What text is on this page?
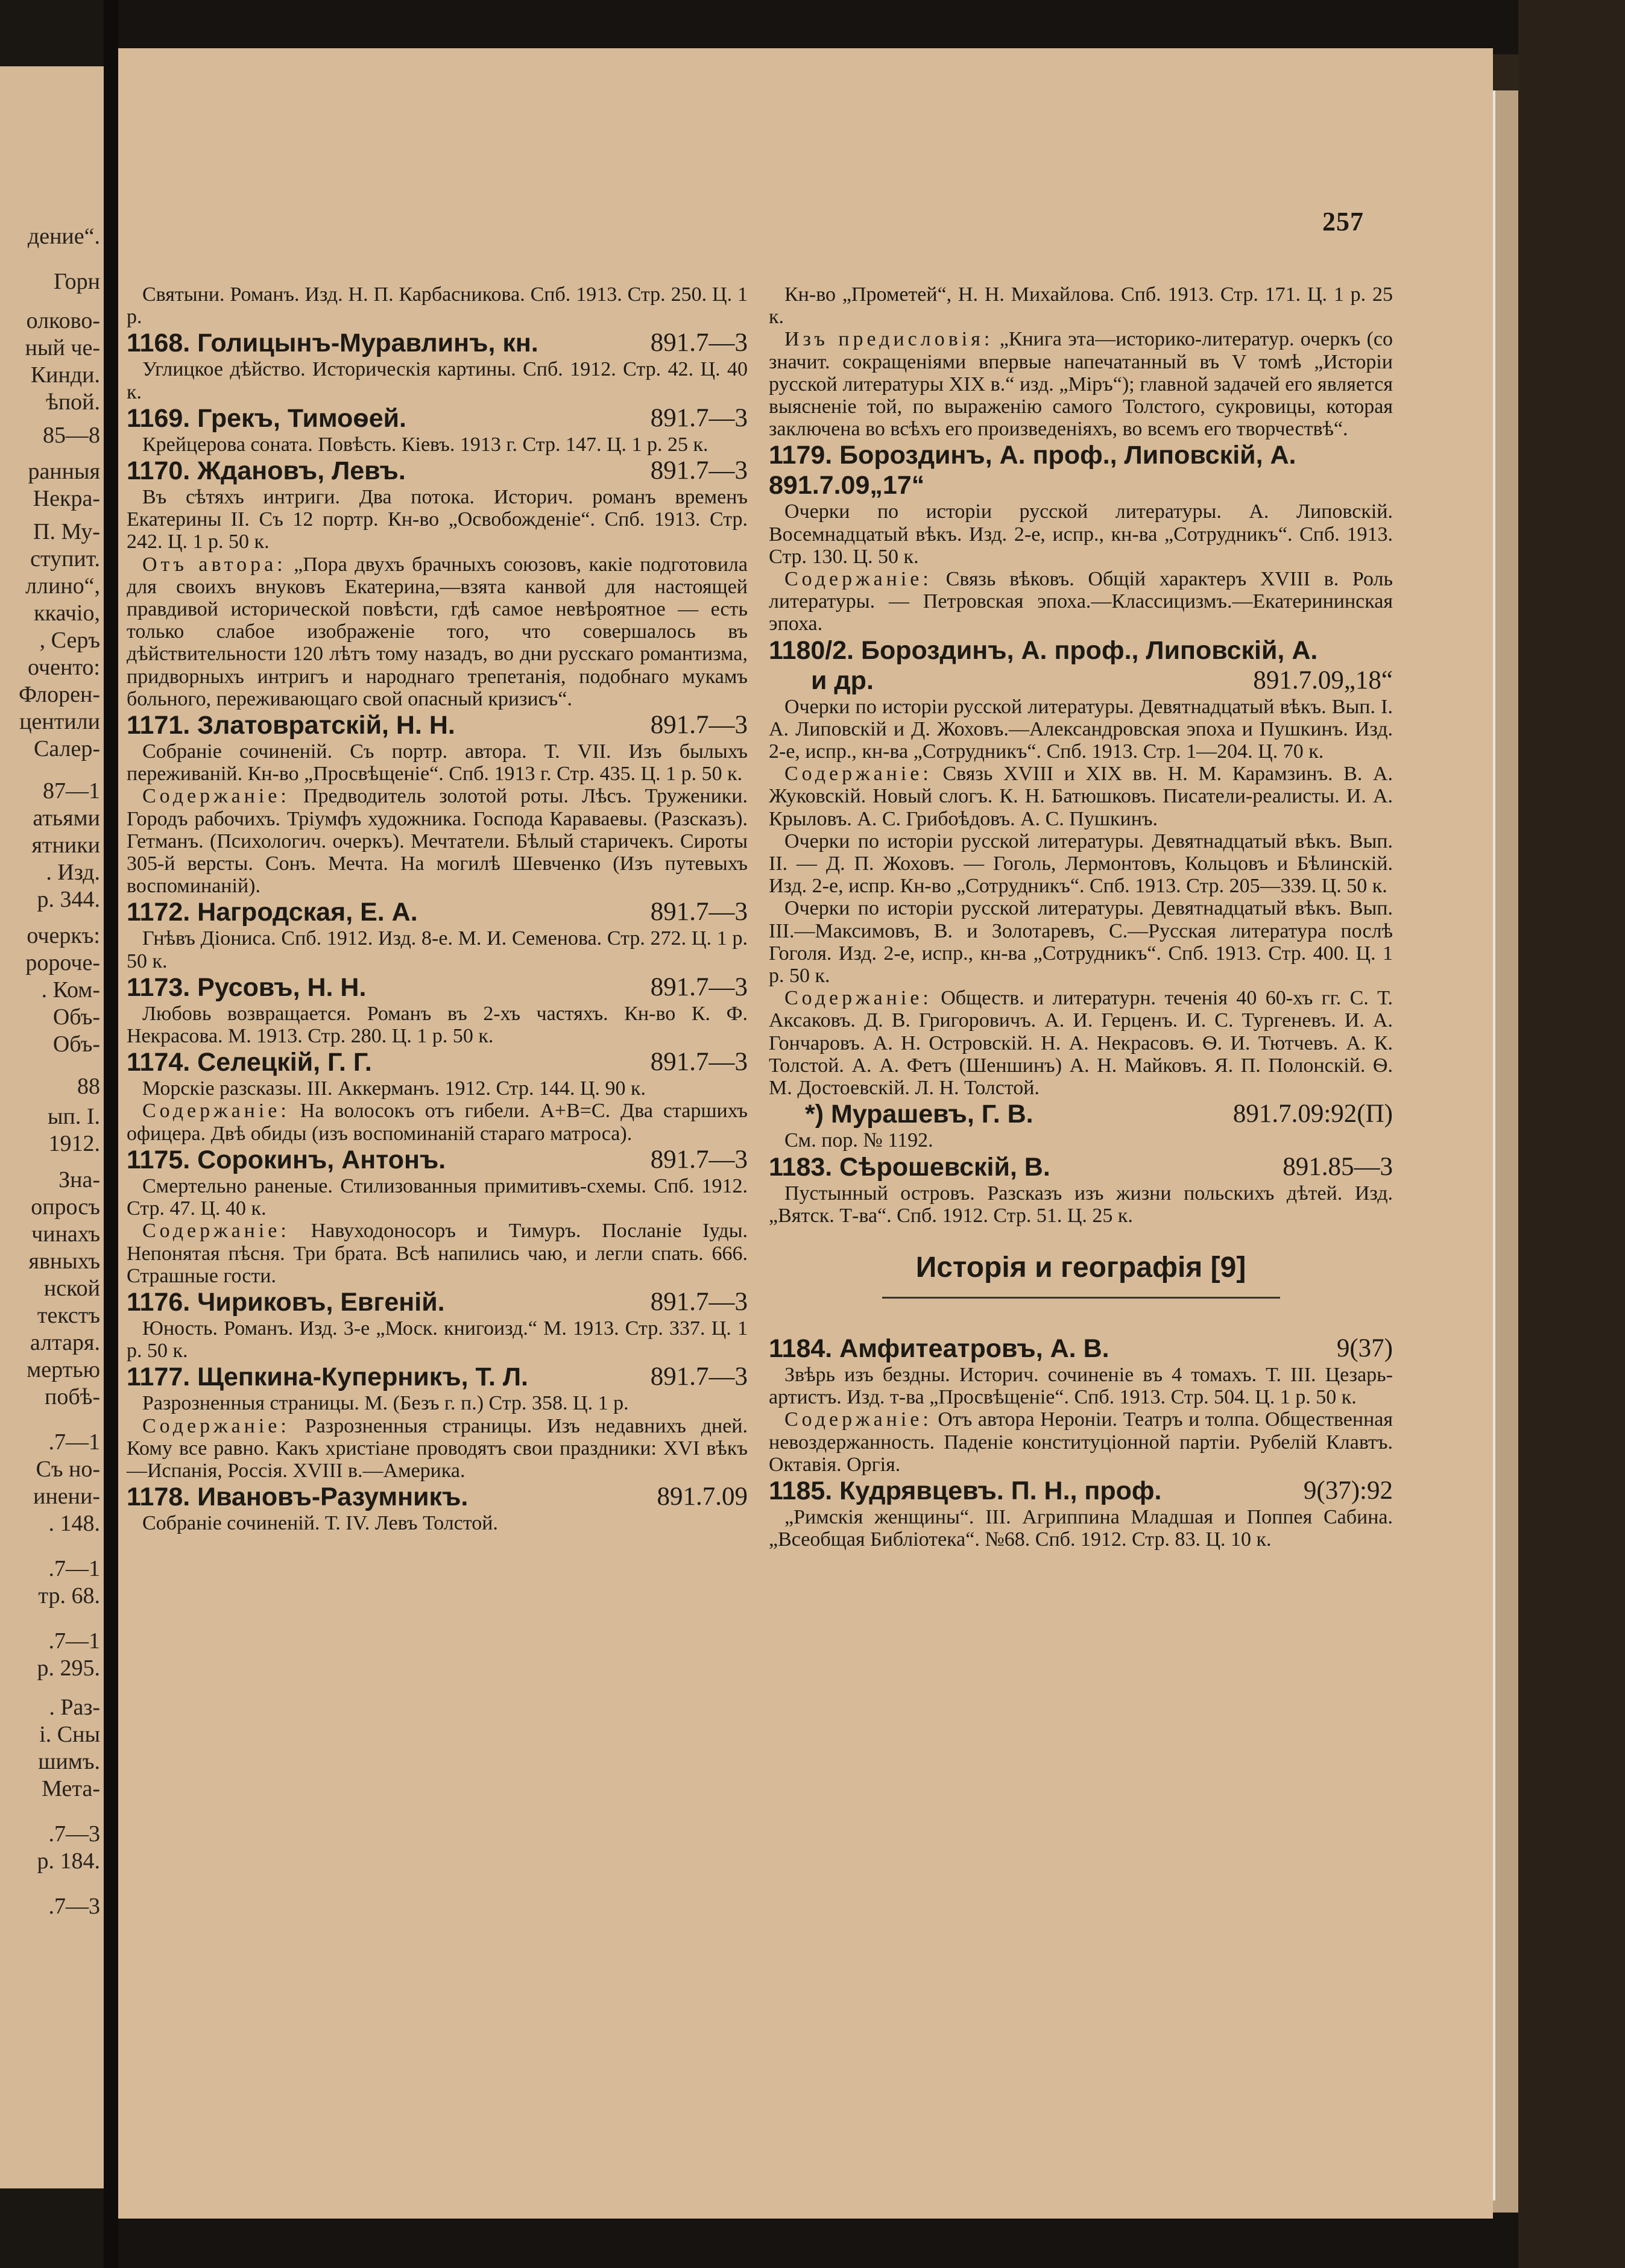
дение“.
Горн
олково-
ный че-
Кинди.
ѣпой.
85—8
ранныя
Некра-
П. Му-
ступит.
ллино“,
ккачіо,
, Серъ
оченто:
Флорен-
центили
Салер-
87—1
атьями
ятники
. Изд.
р. 344.
очеркъ:
ророче-
. Ком-
Объ-
Объ-
88
ып. І.
1912.
Зна-
опросъ
чинахъ
явныхъ
нской
текстъ
алтаря.
мертью
побѣ-
.7—1
Съ но-
инени-
. 148.
.7—1
тр. 68.
.7—1
р. 295.
. Раз-
і. Сны
шимъ.
Мета-
.7—3
р. 184.
.7—3
257
Святыни. Романъ. Изд. Н. П. Карбасникова. Спб. 1913. Стр. 250. Ц. 1 р.
1168. Голицынъ-Муравлинъ, кн.	891.7—3
Углицкое дѣйство. Историческія картины. Спб. 1912. Стр. 42. Ц. 40 к.
1169. Грекъ, Тимоѳей.	891.7—3
Крейцерова соната. Повѣсть. Кіевъ. 1913 г. Стр. 147. Ц. 1 р. 25 к.
1170. Ждановъ, Левъ.	891.7—3
Въ сѣтяхъ интриги. Два потока. Историч. романъ временъ Екатерины II. Съ 12 портр. Кн-во „Освобожденіе“. Спб. 1913. Стр. 242. Ц. 1 р. 50 к.
Отъ автора: „Пора двухъ брачныхъ союзовъ, какіе подготовила для своихъ внуковъ Екатерина,—взята канвой для настоящей правдивой исторической повѣсти, гдѣ самое невѣроятное — есть только слабое изображеніе того, что совершалось въ дѣйствительности 120 лѣтъ тому назадъ, во дни русскаго романтизма, придворныхъ интригъ и народнаго трепетанія, подобнаго мукамъ больного, переживающаго свой опасный кризисъ“.
1171. Златовратскій, Н. Н.	891.7—3
Собраніе сочиненій. Съ портр. автора. Т. VII. Изъ былыхъ переживаній. Кн-во „Просвѣщеніе“. Спб. 1913 г. Стр. 435. Ц. 1 р. 50 к.
Содержаніе: Предводитель золотой роты. Лѣсъ. Труженики. Городъ рабочихъ. Тріумфъ художника. Господа Караваевы. (Разсказъ). Гетманъ. (Психологич. очеркъ). Мечтатели. Бѣлый старичекъ. Сироты 305-й версты. Сонъ. Мечта. На могилѣ Шевченко (Изъ путевыхъ воспоминаній).
1172. Нагродская, Е. А.	891.7—3
Гнѣвъ Діониса. Спб. 1912. Изд. 8-е. М. И. Семенова. Стр. 272. Ц. 1 р. 50 к.
1173. Русовъ, Н. Н.	891.7—3
Любовь возвращается. Романъ въ 2-хъ частяхъ. Кн-во К. Ф. Некрасова. М. 1913. Стр. 280. Ц. 1 р. 50 к.
1174. Селецкій, Г. Г.	891.7—3
Морскіе разсказы. III. Аккерманъ. 1912. Стр. 144. Ц. 90 к.
Содержаніе: На волосокъ отъ гибели. А+В=С. Два старшихъ офицера. Двѣ обиды (изъ воспоминаній стараго матроса).
1175. Сорокинъ, Антонъ.	891.7—3
Смертельно раненые. Стилизованныя примитивъ-схемы. Спб. 1912. Стр. 47. Ц. 40 к.
Содержаніе: Навуходоносоръ и Тимуръ. Посланіе Іуды. Непонятая пѣсня. Три брата. Всѣ напились чаю, и легли спать. 666. Страшные гости.
1176. Чириковъ, Евгеній.	891.7—3
Юность. Романъ. Изд. 3-е „Моск. книгоизд.“ М. 1913. Стр. 337. Ц. 1 р. 50 к.
1177. Щепкина-Куперникъ, Т. Л.	891.7—3
Разрозненныя страницы. М. (Безъ г. п.) Стр. 358. Ц. 1 р.
Содержаніе: Разрозненныя страницы. Изъ недавнихъ дней. Кому все равно. Какъ христіане проводятъ свои праздники: XVI вѣкъ—Испанія, Россія. XVIII в.—Америка.
1178. Ивановъ-Разумникъ.	891.7.09
Собраніе сочиненій. Т. IV. Левъ Толстой.
Кн-во „Прометей“, Н. Н. Михайлова. Спб. 1913. Стр. 171. Ц. 1 р. 25 к.
Изъ предисловія: „Книга эта—историко-литератур. очеркъ (со значит. сокращеніями впервые напечатанный въ V томѣ „Исторіи русской литературы XIX в.“ изд. „Міръ“); главной задачей его является выясненіе той, по выраженію самого Толстого, сукровицы, которая заключена во всѣхъ его произведеніяхъ, во всемъ его творчествѣ“.
1179. Бороздинъ, А. проф., Липовскій, А.
891.7.09„17“
Очерки по исторіи русской литературы. А. Липовскій. Восемнадцатый вѣкъ. Изд. 2-е, испр., кн-ва „Сотрудникъ“. Спб. 1913. Стр. 130. Ц. 50 к.
Содержаніе: Связь вѣковъ. Общій характеръ XVIII в. Роль литературы. — Петровская эпоха.—Классицизмъ.—Екатерининская эпоха.
1180/2. Бороздинъ, А. проф., Липовскій, А.
и др.	891.7.09„18“
Очерки по исторіи русской литературы. Девятнадцатый вѣкъ. Вып. I. А. Липовскій и Д. Жоховъ.—Александровская эпоха и Пушкинъ. Изд. 2-е, испр., кн-ва „Сотрудникъ“. Спб. 1913. Стр. 1—204. Ц. 70 к.
Содержаніе: Связь XVIII и XIX вв. Н. М. Карамзинъ. В. А. Жуковскій. Новый слогъ. К. Н. Батюшковъ. Писатели-реалисты. И. А. Крыловъ. А. С. Грибоѣдовъ. А. С. Пушкинъ.
Очерки по исторіи русской литературы. Девятнадцатый вѣкъ. Вып. II. — Д. П. Жоховъ. — Гоголь, Лермонтовъ, Кольцовъ и Бѣлинскій. Изд. 2-е, испр. Кн-во „Сотрудникъ“. Спб. 1913. Стр. 205—339. Ц. 50 к.
Очерки по исторіи русской литературы. Девятнадцатый вѣкъ. Вып. III.—Максимовъ, В. и Золотаревъ, С.—Русская литература послѣ Гоголя. Изд. 2-е, испр., кн-ва „Сотрудникъ“. Спб. 1913. Стр. 400. Ц. 1 р. 50 к.
Содержаніе: Обществ. и литературн. теченія 40 60-хъ гг. С. Т. Аксаковъ. Д. В. Григоровичъ. А. И. Герценъ. И. С. Тургеневъ. И. А. Гончаровъ. А. Н. Островскій. Н. А. Некрасовъ. Ѳ. И. Тютчевъ. А. К. Толстой. А. А. Фетъ (Шеншинъ) А. Н. Майковъ. Я. П. Полонскій. Ѳ. М. Достоевскій. Л. Н. Толстой.
*) Мурашевъ, Г. В.	891.7.09:92(П)
См. пор. № 1192.
1183. Сѣрошевскій, В.	891.85—3
Пустынный островъ. Разсказъ изъ жизни польскихъ дѣтей. Изд. „Вятск. Т-ва“. Спб. 1912. Стр. 51. Ц. 25 к.
Исторія и географія [9]
1184. Амфитеатровъ, А. В.	9(37)
Звѣрь изъ бездны. Историч. сочиненіе въ 4 томахъ. Т. III. Цезарь-артистъ. Изд. т-ва „Просвѣщеніе“. Спб. 1913. Стр. 504. Ц. 1 р. 50 к.
Содержаніе: Отъ автора Нероніи. Театръ и толпа. Общественная невоздержанность. Паденіе конституціонной партіи. Рубелій Клавтъ. Октавія. Оргія.
1185. Кудрявцевъ. П. Н., проф.	9(37):92
„Римскія женщины“. III. Агриппина Младшая и Поппея Сабина. „Всеобщая Библіотека“. №68. Спб. 1912. Стр. 83. Ц. 10 к.
